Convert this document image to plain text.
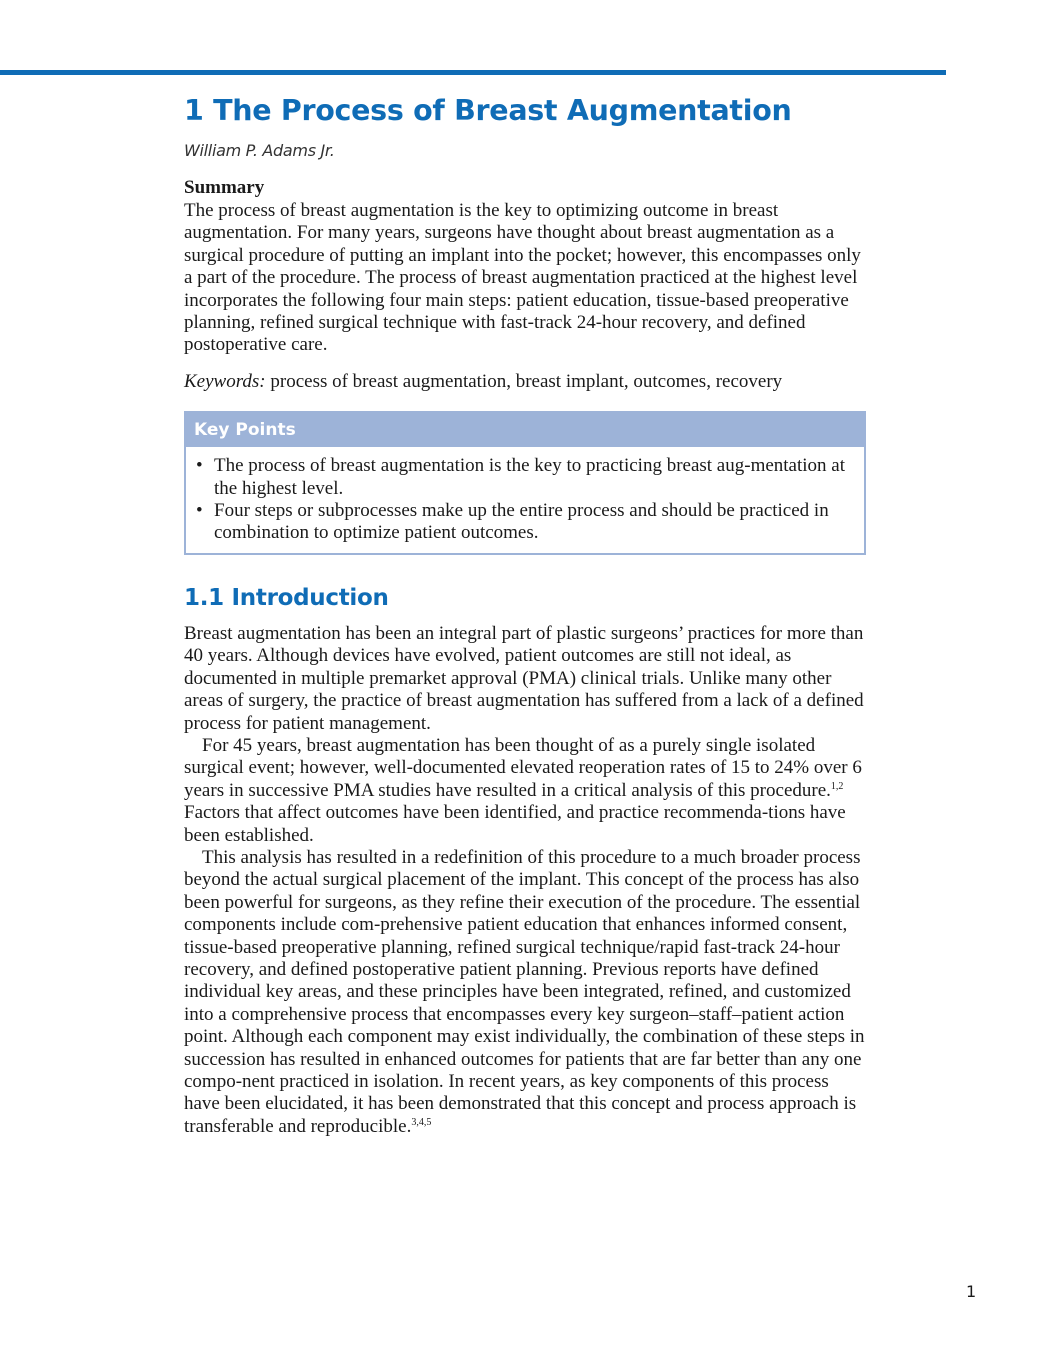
1 The Process of Breast Augmentation
William P. Adams Jr.
Summary

The process of breast augmentation is the key to optimizing outcome in breast augmentation. For many years, surgeons have thought about breast augmentation as a surgical procedure of putting an implant into the pocket; however, this encompasses only a part of the procedure. The process of breast augmentation practiced at the highest level incorporates the following four main steps: patient education, tissue-based preoperative planning, refined surgical technique with fast-track 24-hour recovery, and defined postoperative care.

Keywords: process of breast augmentation, breast implant, outcomes, recovery
Key Points
• The process of breast augmentation is the key to practicing breast aug-mentation at the highest level.
• Four steps or subprocesses make up the entire process and should be practiced in combination to optimize patient outcomes.
1.1 Introduction

Breast augmentation has been an integral part of plastic surgeons’ practices for more than 40 years. Although devices have evolved, patient outcomes are still not ideal, as documented in multiple premarket approval (PMA) clinical trials. Unlike many other areas of surgery, the practice of breast augmentation has suffered from a lack of a defined process for patient management.

For 45 years, breast augmentation has been thought of as a purely single isolated surgical event; however, well-documented elevated reoperation rates of 15 to 24% over 6 years in successive PMA studies have resulted in a critical analysis of this procedure.$^{1,2}$

Factors that affect outcomes have been identified, and practice recommenda-tions have been established.

This analysis has resulted in a redefinition of this procedure to a much broader process beyond the actual surgical placement of the implant. This concept of the process has also been powerful for surgeons, as they refine their execution of the procedure. The essential components include com-prehensive patient education that enhances informed consent, tissue-based preoperative planning, refined surgical technique/rapid fast-track 24-hour recovery, and defined postoperative patient planning. Previous reports have defined individual key areas, and these principles have been integrated, refined, and customized into a comprehensive process that encompasses every key surgeon–staff–patient action point. Although each component may exist individually, the combination of these steps in succession has resulted in enhanced outcomes for patients that are far better than any one compo-nent practiced in isolation. In recent years, as key components of this process have been elucidated, it has been demonstrated that this concept and process approach is transferable and reproducible.$^{3,4,5}$

1
